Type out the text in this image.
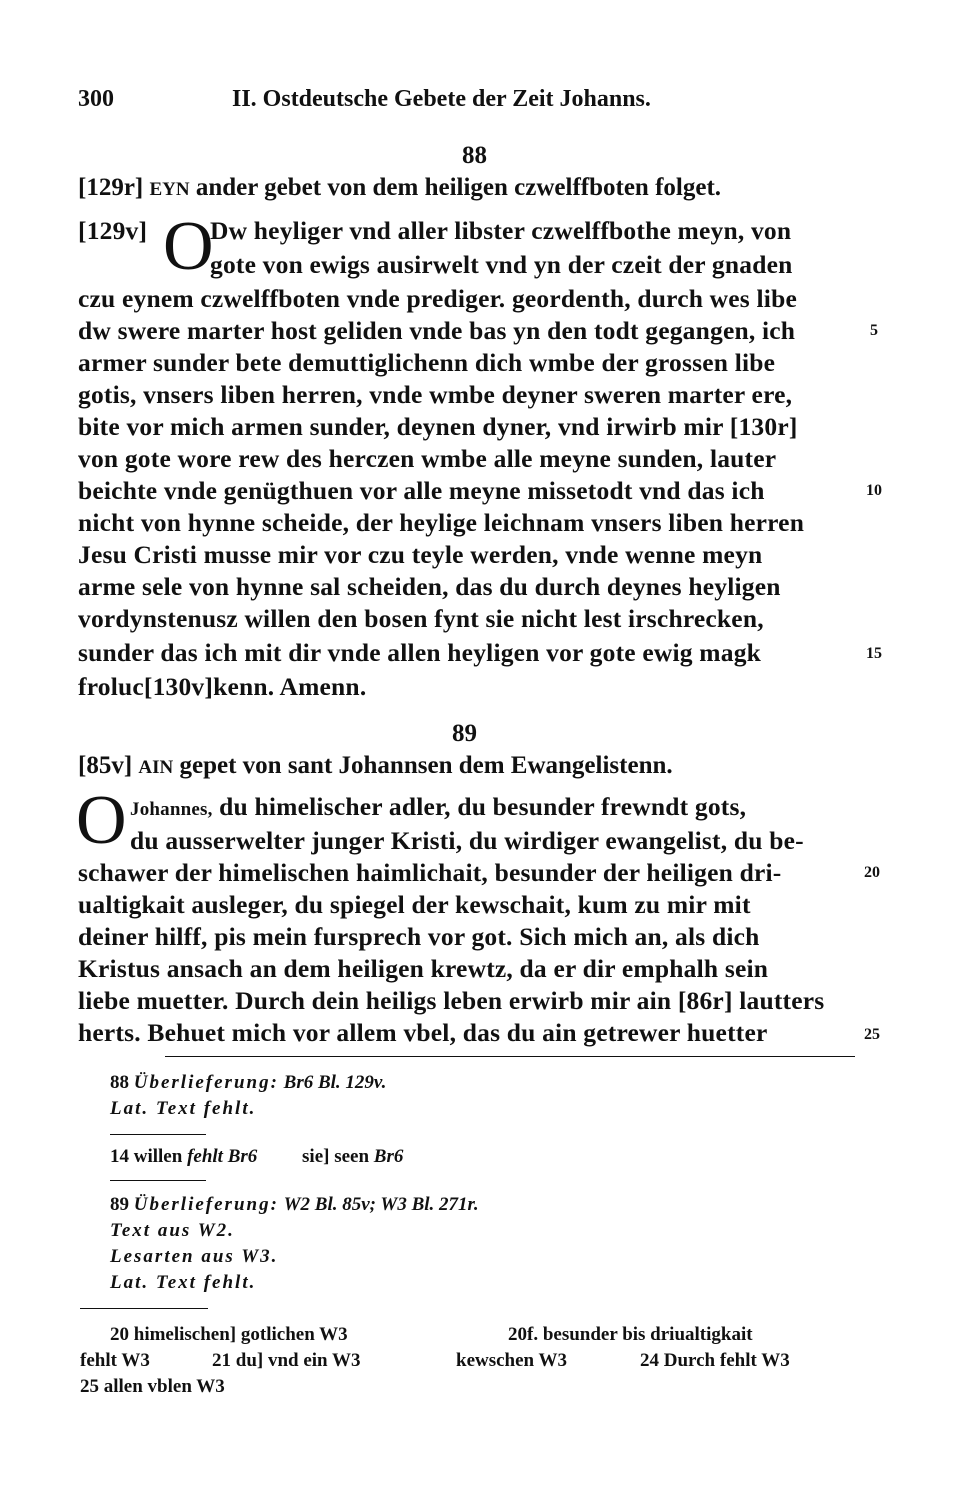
300	II. Ostdeutsche Gebete der Zeit Johanns.
88
[129r] EYN ander gebet von dem heiligen czwelffboten folget.
[129v] O
Dw heyliger vnd aller libster czwelffbothe meyn, von
gote von ewigs ausirwelt vnd yn der czeit der gnaden
czu eynem czwelffboten vnde prediger. geordenth, durch wes libe
dw swere marter host geliden vnde bas yn den todt gegangen, ich
armer sunder bete demuttiglichenn dich wmbe der grossen libe
gotis, vnsers liben herren, vnde wmbe deyner sweren marter ere,
bite vor mich armen sunder, deynen dyner, vnd irwirb mir [130r]
von gote wore rew des herczen wmbe alle meyne sunden, lauter
beichte vnde genügthuen vor alle meyne missetodt vnd das ich
nicht von hynne scheide, der heylige leichnam vnsers liben herren
Jesu Cristi musse mir vor czu teyle werden, vnde wenne meyn
arme sele von hynne sal scheiden, das du durch deynes heyligen
vordynstenusz willen den bosen fynt sie nicht lest irschrecken,
sunder das ich mit dir vnde allen heyligen vor gote ewig magk
froluc[130v]kenn. Amenn.
5
10
15
20
25
89
[85v] AIN gepet von sant Johannsen dem Ewangelistenn.
O Johannes, du himelischer adler, du besunder frewndt gots,
du ausserwelter junger Kristi, du wirdiger ewangelist, du be-
schawer der himelischen haimlichait, besunder der heiligen dri-
ualtigkait ausleger, du spiegel der kewschait, kum zu mir mit
deiner hilff, pis mein fursprech vor got. Sich mich an, als dich
Kristus ansach an dem heiligen krewtz, da er dir emphalh sein
liebe muetter. Durch dein heiligs leben erwirb mir ain [86r] lautters
herts. Behuet mich vor allem vbel, das du ain getrewer huetter
88 Überlieferung: Br6 Bl. 129v.
Lat. Text fehlt.
14 willen fehlt Br6 sie] seen Br6
89 Überlieferung: W2 Bl. 85v; W3 Bl. 271r.
Text aus W2.
Lesarten aus W3.
Lat. Text fehlt.
20 himelischen] gotlichen W3	20f. besunder bis driualtigkait
fehlt W3	21 du] vnd ein W3	kewschen W3	24 Durch fehlt W3
25 allen vblen W3
